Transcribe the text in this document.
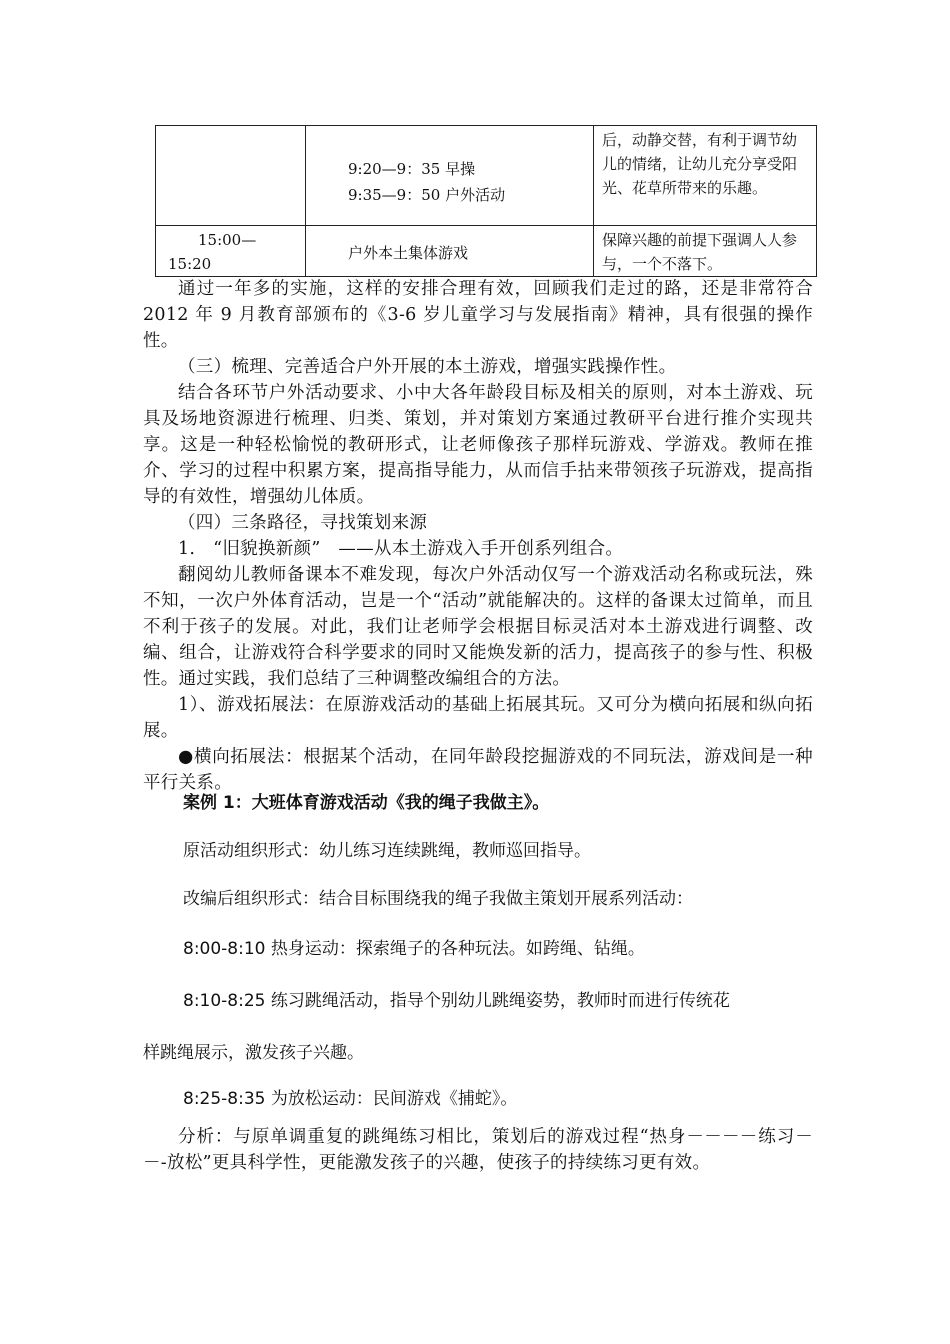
	9:20—9：35 早操
9:35—9：50 户外活动	后，动静交替，有利于调节幼儿的情绪，让幼儿充分享受阳光、花草所带来的乐趣。

15:00—
15:20	户外本土集体游戏	保障兴趣的前提下强调人人参与，一个不落下。

通过一年多的实施，这样的安排合理有效，回顾我们走过的路，还是非常符合 2012 年 9 月教育部颁布的《3-6 岁儿童学习与发展指南》精神，具有很强的操作性。

（三）梳理、完善适合户外开展的本土游戏，增强实践操作性。

结合各环节户外活动要求、小中大各年龄段目标及相关的原则，对本土游戏、玩具及场地资源进行梳理、归类、策划，并对策划方案通过教研平台进行推介实现共享。这是一种轻松愉悦的教研形式，让老师像孩子那样玩游戏、学游戏。教师在推介、学习的过程中积累方案，提高指导能力，从而信手拈来带领孩子玩游戏，提高指导的有效性，增强幼儿体质。

（四）三条路径，寻找策划来源

1.　“旧貌换新颜”　——从本土游戏入手开创系列组合。

翻阅幼儿教师备课本不难发现，每次户外活动仅写一个游戏活动名称或玩法，殊不知，一次户外体育活动，岂是一个“活动”就能解决的。这样的备课太过简单，而且不利于孩子的发展。对此，我们让老师学会根据目标灵活对本土游戏进行调整、改编、组合，让游戏符合科学要求的同时又能焕发新的活力，提高孩子的参与性、积极性。通过实践，我们总结了三种调整改编组合的方法。

1）、游戏拓展法：在原游戏活动的基础上拓展其玩。又可分为横向拓展和纵向拓展。

●横向拓展法：根据某个活动，在同年龄段挖掘游戏的不同玩法，游戏间是一种平行关系。

案例 1：大班体育游戏活动《我的绳子我做主》。

原活动组织形式：幼儿练习连续跳绳，教师巡回指导。

改编后组织形式：结合目标围绕我的绳子我做主策划开展系列活动：

8:00-8:10 热身运动：探索绳子的各种玩法。如跨绳、钻绳。

8:10-8:25 练习跳绳活动，指导个别幼儿跳绳姿势，教师时而进行传统花

样跳绳展示，激发孩子兴趣。

8:25-8:35 为放松运动：民间游戏《捕蛇》。

分析：与原单调重复的跳绳练习相比，策划后的游戏过程“热身－－－－练习－－-放松”更具科学性，更能激发孩子的兴趣，使孩子的持续练习更有效。
